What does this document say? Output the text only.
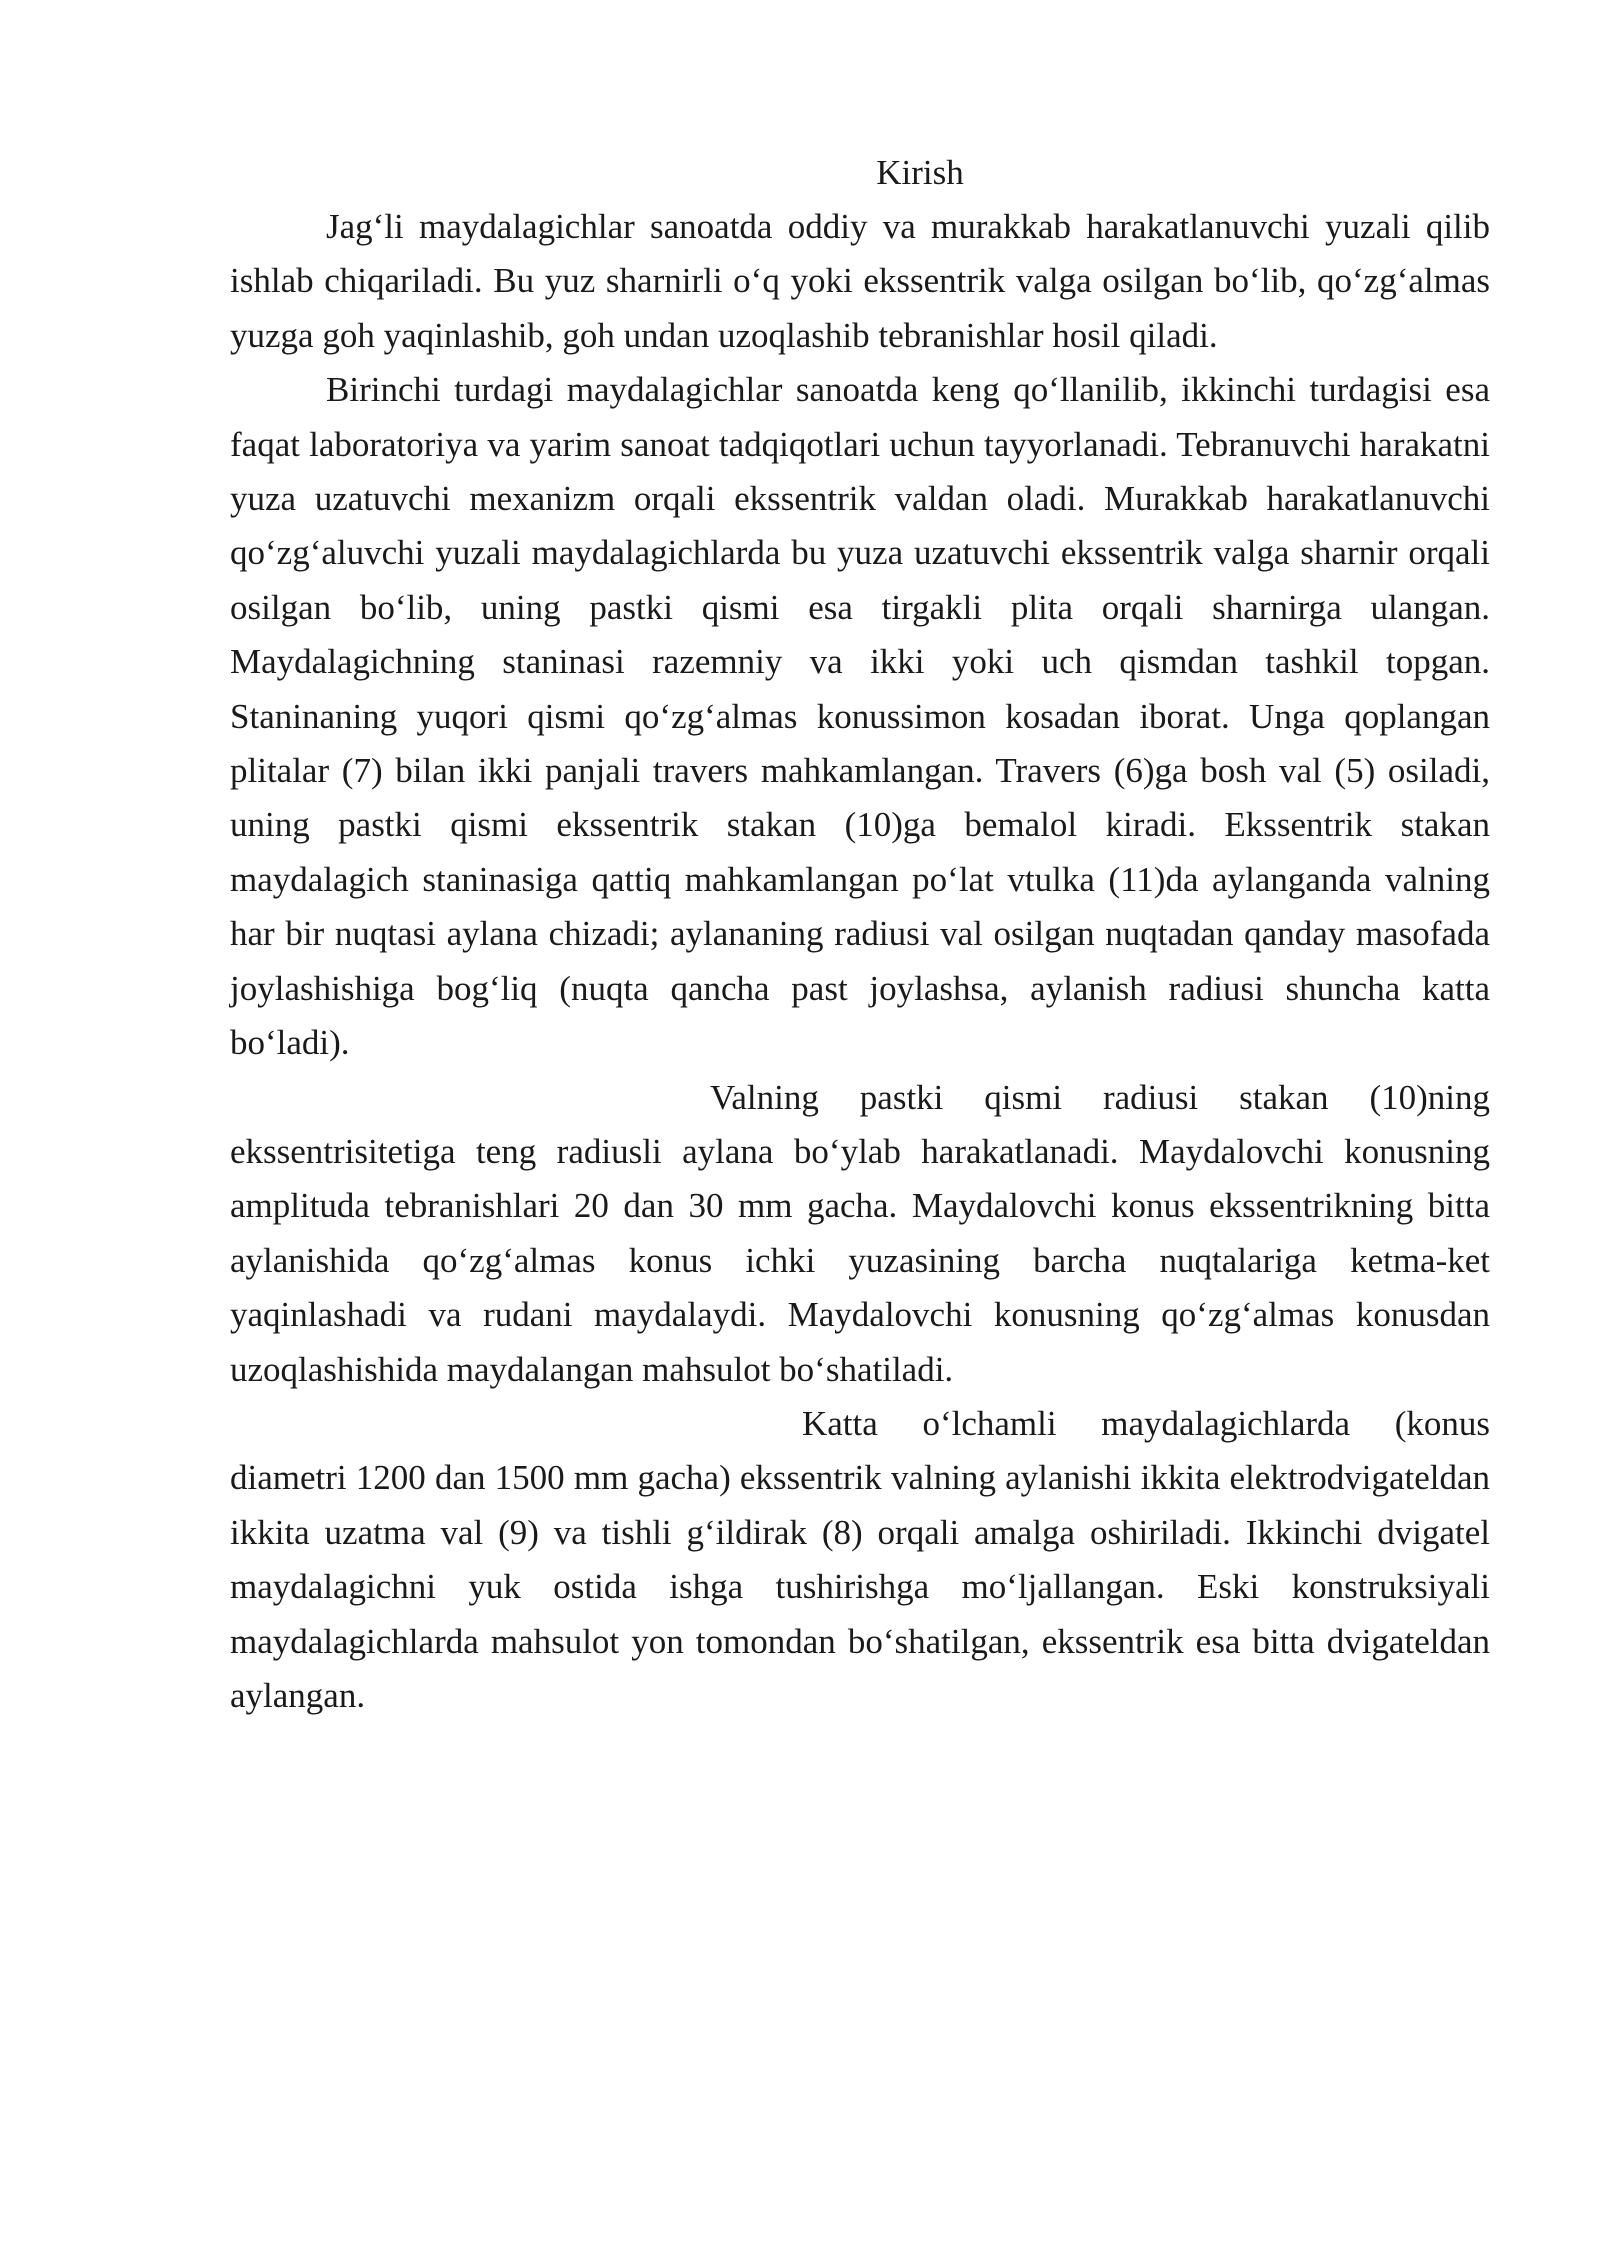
Kirish

Jag‘li maydalagichlar sanoatda oddiy va murakkab harakatlanuvchi yuzali qilib ishlab chiqariladi. Bu yuz sharnirli o‘q yoki ekssentrik valga osilgan bo‘lib, qo‘zg‘almas yuzga goh yaqinlashib, goh undan uzoqlashib tebranishlar hosil qiladi.

Birinchi turdagi maydalagichlar sanoatda keng qo‘llanilib, ikkinchi turdagisi esa faqat laboratoriya va yarim sanoat tadqiqotlari uchun tayyorlanadi. Tebranuvchi harakatni yuza uzatuvchi mexanizm orqali ekssentrik valdan oladi. Murakkab harakatlanuvchi qo‘zg‘aluvchi yuzali maydalagichlarda bu yuza uzatuvchi ekssentrik valga sharnir orqali osilgan bo‘lib, uning pastki qismi esa tirgakli plita orqali sharnirga ulangan. Maydalagichning staninasi razemniy va ikki yoki uch qismdan tashkil topgan. Staninaning yuqori qismi qo‘zg‘almas konussimon kosadan iborat. Unga qoplangan plitalar (7) bilan ikki panjali travers mahkamlangan. Travers (6)ga bosh val (5) osiladi, uning pastki qismi ekssentrik stakan (10)ga bemalol kiradi. Ekssentrik stakan maydalagich staninasiga qattiq mahkamlangan po‘lat vtulka (11)da aylanganda valning har bir nuqtasi aylana chizadi; aylananing radiusi val osilgan nuqtadan qanday masofada joylashishiga bog‘liq (nuqta qancha past joylashsa, aylanish radiusi shuncha katta bo‘ladi).

Valning pastki qismi radiusi stakan (10)ning ekssentrisitetiga teng radiusli aylana bo‘ylab harakatlanadi. Maydalovchi konusning amplituda tebranishlari 20 dan 30 mm gacha. Maydalovchi konus ekssentrikning bitta aylanishida qo‘zg‘almas konus ichki yuzasining barcha nuqtalariga ketma-ket yaqinlashadi va rudani maydalaydi. Maydalovchi konusning qo‘zg‘almas konusdan uzoqlashishida maydalangan mahsulot bo‘shatiladi.

Katta o‘lchamli maydalagichlarda (konus diametri 1200 dan 1500 mm gacha) ekssentrik valning aylanishi ikkita elektrodvigateldan ikkita uzatma val (9) va tishli g‘ildirak (8) orqali amalga oshiriladi. Ikkinchi dvigatel maydalagichni yuk ostida ishga tushirishga mo‘ljallangan. Eski konstruksiyali maydalagichlarda mahsulot yon tomondan bo‘shatilgan, ekssentrik esa bitta dvigateldan aylangan.
